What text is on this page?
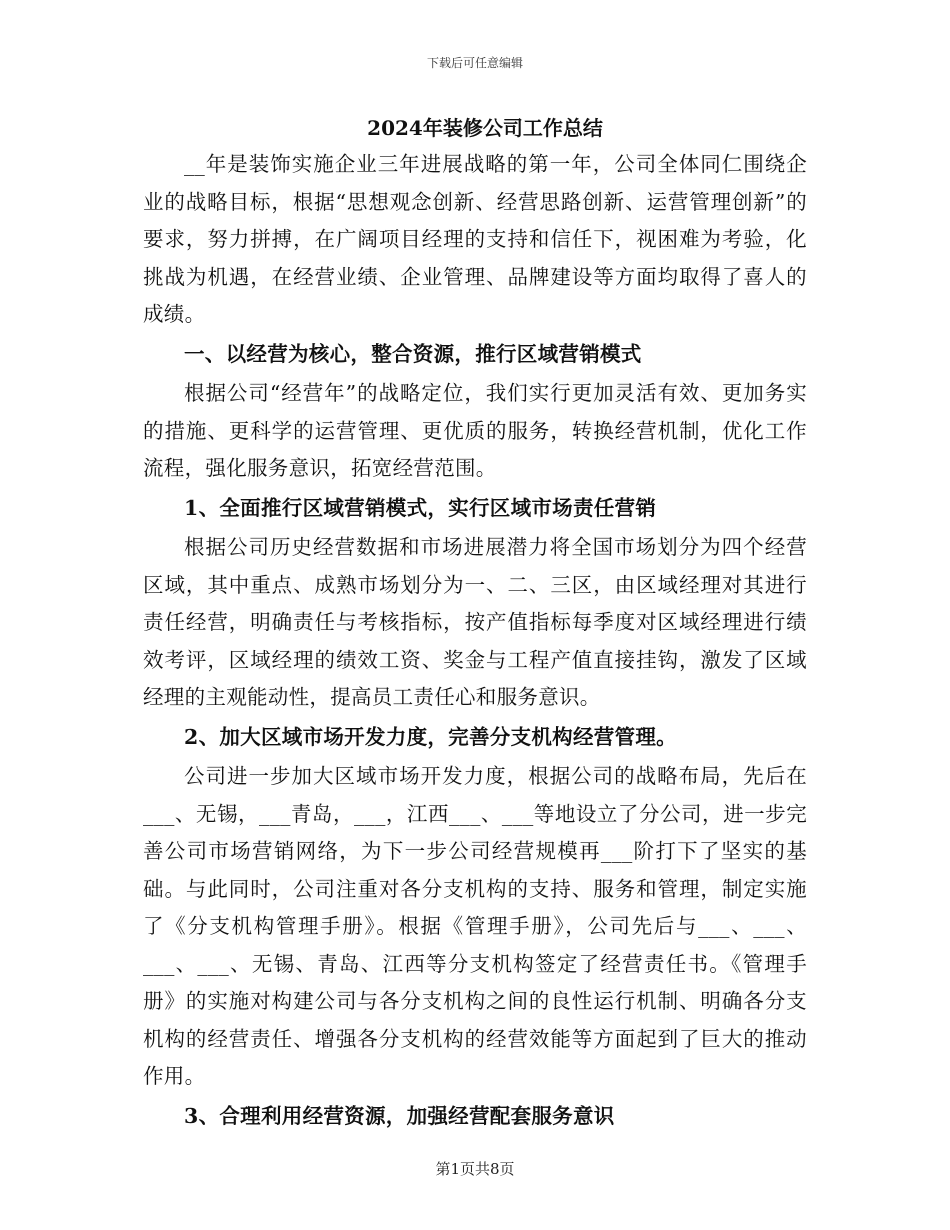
下载后可任意编辑

2024年装修公司工作总结

__年是装饰实施企业三年进展战略的第一年，公司全体同仁围绕企业的战略目标，根据“思想观念创新、经营思路创新、运营管理创新”的要求，努力拼搏，在广阔项目经理的支持和信任下，视困难为考验，化挑战为机遇，在经营业绩、企业管理、品牌建设等方面均取得了喜人的成绩。

一、以经营为核心，整合资源，推行区域营销模式

根据公司“经营年”的战略定位，我们实行更加灵活有效、更加务实的措施、更科学的运营管理、更优质的服务，转换经营机制，优化工作流程，强化服务意识，拓宽经营范围。

1、全面推行区域营销模式，实行区域市场责任营销

根据公司历史经营数据和市场进展潜力将全国市场划分为四个经营区域，其中重点、成熟市场划分为一、二、三区，由区域经理对其进行责任经营，明确责任与考核指标，按产值指标每季度对区域经理进行绩效考评，区域经理的绩效工资、奖金与工程产值直接挂钩，激发了区域经理的主观能动性，提高员工责任心和服务意识。

2、加大区域市场开发力度，完善分支机构经营管理。

公司进一步加大区域市场开发力度，根据公司的战略布局，先后在___、无锡，___青岛，___，江西___、___等地设立了分公司，进一步完善公司市场营销网络，为下一步公司经营规模再___阶打下了坚实的基础。与此同时，公司注重对各分支机构的支持、服务和管理，制定实施了《分支机构管理手册》。根据《管理手册》，公司先后与___、___、___、___、无锡、青岛、江西等分支机构签定了经营责任书。《管理手册》的实施对构建公司与各分支机构之间的良性运行机制、明确各分支机构的经营责任、增强各分支机构的经营效能等方面起到了巨大的推动作用。

3、合理利用经营资源，加强经营配套服务意识

第1页共8页
